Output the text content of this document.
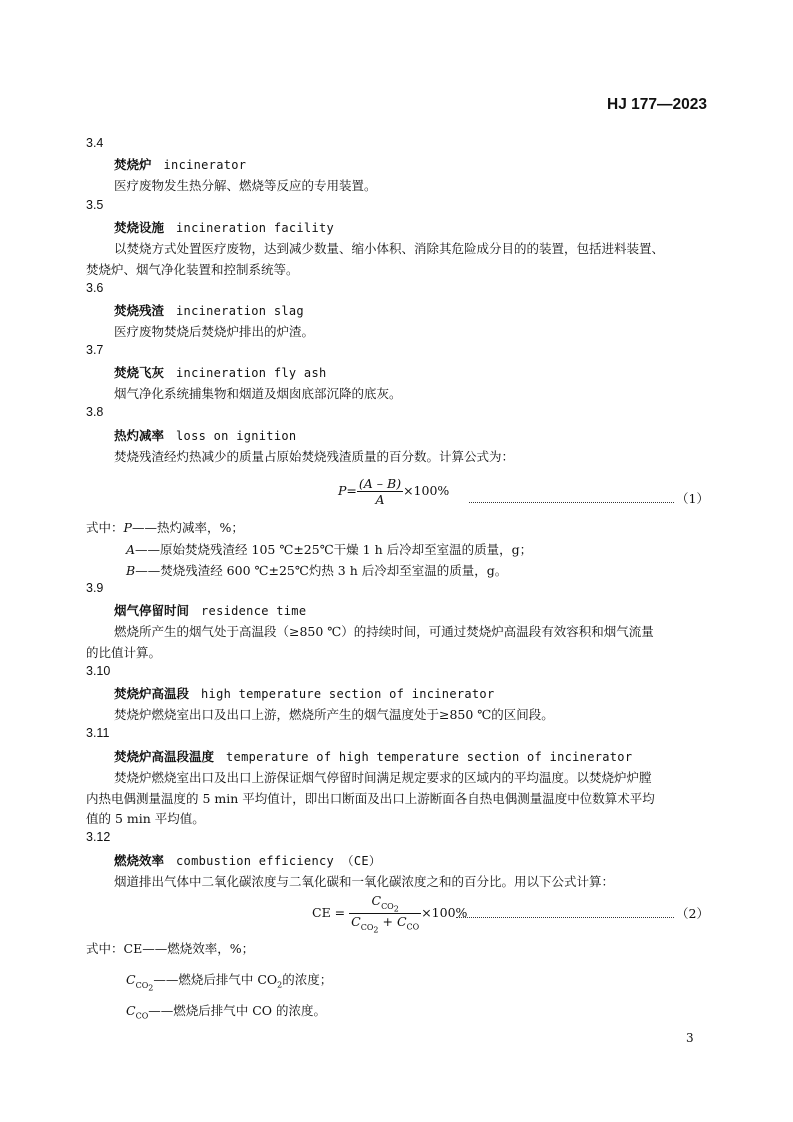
HJ 177—2023
3.4
焚烧炉 incinerator
医疗废物发生热分解、燃烧等反应的专用装置。
3.5
焚烧设施 incineration facility
以焚烧方式处置医疗废物，达到减少数量、缩小体积、消除其危险成分目的的装置，包括进料装置、
焚烧炉、烟气净化装置和控制系统等。
3.6
焚烧残渣 incineration slag
医疗废物焚烧后焚烧炉排出的炉渣。
3.7
焚烧飞灰 incineration fly ash
烟气净化系统捕集物和烟道及烟囱底部沉降的底灰。
3.8
热灼减率 loss on ignition
焚烧残渣经灼热减少的质量占原始焚烧残渣质量的百分数。计算公式为：
$P= \frac{(A - B)}{A} \times 100\%$
（1）
式中：P——热灼减率，%；
A——原始焚烧残渣经 105 ℃±25℃干燥 1 h 后冷却至室温的质量，g；
B——焚烧残渣经 600 ℃±25℃灼热 3 h 后冷却至室温的质量，g。
3.9
烟气停留时间 residence time
燃烧所产生的烟气处于高温段（≥850 ℃）的持续时间，可通过焚烧炉高温段有效容积和烟气流量
的比值计算。
3.10
焚烧炉高温段 high temperature section of incinerator
焚烧炉燃烧室出口及出口上游，燃烧所产生的烟气温度处于≥850 ℃的区间段。
3.11
焚烧炉高温段温度 temperature of high temperature section of incinerator
焚烧炉燃烧室出口及出口上游保证烟气停留时间满足规定要求的区域内的平均温度。以焚烧炉炉膛
内热电偶测量温度的 5 min 平均值计，即出口断面及出口上游断面各自热电偶测量温度中位数算术平均
值的 5 min 平均值。
3.12
燃烧效率 combustion efficiency （CE）
烟道排出气体中二氧化碳浓度与二氧化碳和一氧化碳浓度之和的百分比。用以下公式计算：
CE = $\frac{C_{CO_2}}{C_{CO_2} + C_{CO}} \times 100\%$	（2）
式中：CE——燃烧效率，%；
$C_{CO_2}——$燃烧后排气中 $CO_2$的浓度；
$C_{CO}——$燃烧后排气中 CO 的浓度。
3
